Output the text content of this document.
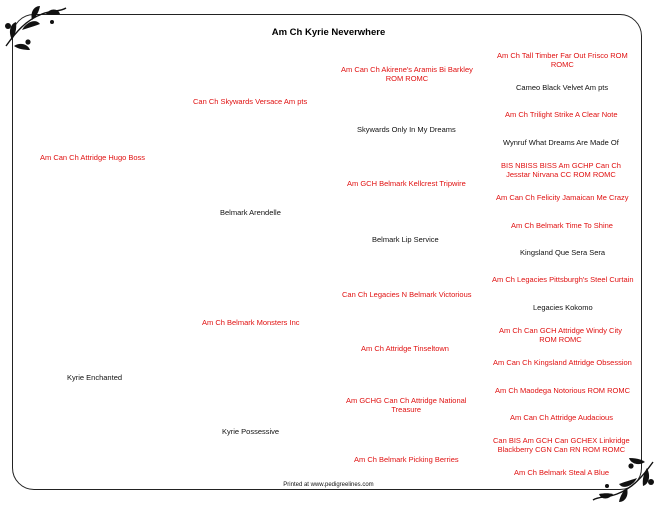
Am Ch Kyrie Neverwhere
Am Can Ch Attridge Hugo Boss
Kyrie Enchanted
Belmark Arendelle
Kyrie Possessive
Can Ch Skywards Versace Am pts
Am Ch Belmark Monsters Inc
Am Can Ch Akirene's Aramis Bi Barkley
ROM ROMC
Skywards Only In My Dreams
Am GCH Belmark Kellcrest Tripwire
Belmark Lip Service
Can Ch Legacies N Belmark Victorious
Am Ch Attridge Tinseltown
Am GCHG Can Ch Attridge National
Treasure
Am Ch Belmark Picking Berries
Am Ch Tall Timber Far Out Frisco ROM
ROMC
Cameo Black Velvet Am pts
Am Ch Trilight Strike A Clear Note
Wynruf What Dreams Are Made Of
BIS NBISS BISS Am GCHP Can Ch
Jesstar Nirvana CC ROM ROMC
Am Can Ch Felicity Jamaican Me Crazy
Am Ch Belmark Time To Shine
Kingsland Que Sera Sera
Am Ch Legacies Pittsburgh's Steel Curtain
Legacies Kokomo
Am Ch Can GCH Attridge Windy City
ROM ROMC
Am Can Ch Kingsland Attridge Obsession
Am Ch Maodega Notorious ROM ROMC
Am Can Ch Attridge Audacious
Can BIS Am GCH Can GCHEX Linkridge
Blackberry CGN Can RN ROM ROMC
Am Ch Belmark Steal A Blue
Printed at www.pedigreelines.com
